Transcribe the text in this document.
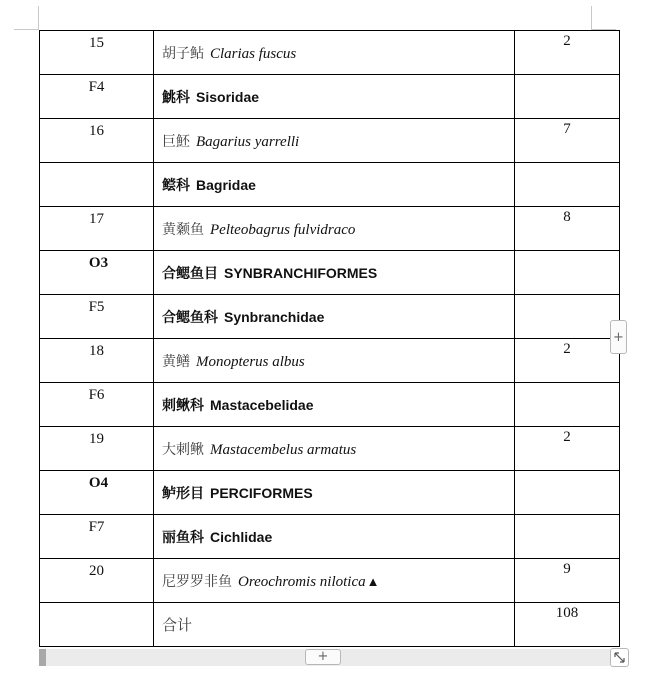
15	胡子鲇 Clarias fuscus	2

F4	鮡科 Sisoridae	

16	巨魾 Bagarius yarrelli	7

	鲿科 Bagridae	

17	黄颡鱼 Pelteobagrus fulvidraco	8

O3	合鳃鱼目 SYNBRANCHIFORMES	

F5	合鳃鱼科 Synbranchidae	

18	黄鳝 Monopterus albus	2

F6	刺鳅科 Mastacebelidae	

19	大刺鳅 Mastacembelus armatus	2

O4	鲈形目 PERCIFORMES	

F7	丽鱼科 Cichlidae	

20	尼罗罗非鱼 Oreochromis nilotica▲	9

	合计	108
+
+
